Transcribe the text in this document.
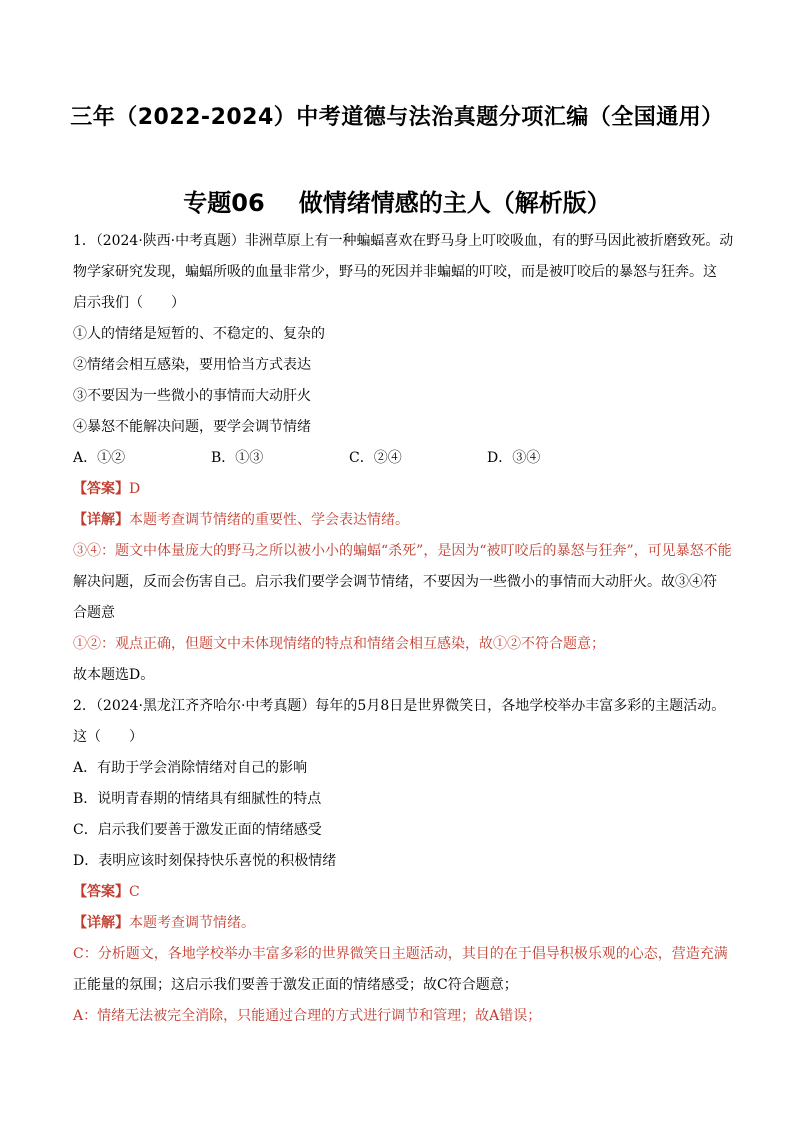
三年（2022-2024）中考道德与法治真题分项汇编（全国通用）
专题06 做情绪情感的主人（解析版）
1．（2024·陕西·中考真题）非洲草原上有一种蝙蝠喜欢在野马身上叮咬吸血，有的野马因此被折磨致死。动
物学家研究发现，蝙蝠所吸的血量非常少，野马的死因并非蝙蝠的叮咬，而是被叮咬后的暴怒与狂奔。这
启示我们（　　）
①人的情绪是短暂的、不稳定的、复杂的
②情绪会相互感染，要用恰当方式表达
③不要因为一些微小的事情而大动肝火
④暴怒不能解决问题，要学会调节情绪
A．①②	B．①③	C．②④	D．③④
【答案】D
【详解】本题考查调节情绪的重要性、学会表达情绪。
③④：题文中体量庞大的野马之所以被小小的蝙蝠“杀死”，是因为“被叮咬后的暴怒与狂奔”，可见暴怒不能
解决问题，反而会伤害自己。启示我们要学会调节情绪，不要因为一些微小的事情而大动肝火。故③④符
合题意
①②：观点正确，但题文中未体现情绪的特点和情绪会相互感染，故①②不符合题意；
故本题选D。
2．（2024·黑龙江齐齐哈尔·中考真题）每年的5月8日是世界微笑日，各地学校举办丰富多彩的主题活动。
这（　　）
A．有助于学会消除情绪对自己的影响
B．说明青春期的情绪具有细腻性的特点
C．启示我们要善于激发正面的情绪感受
D．表明应该时刻保持快乐喜悦的积极情绪
【答案】C
【详解】本题考查调节情绪。
C：分析题文，各地学校举办丰富多彩的世界微笑日主题活动，其目的在于倡导积极乐观的心态，营造充满
正能量的氛围；这启示我们要善于激发正面的情绪感受；故C符合题意；
A：情绪无法被完全消除，只能通过合理的方式进行调节和管理；故A错误；
